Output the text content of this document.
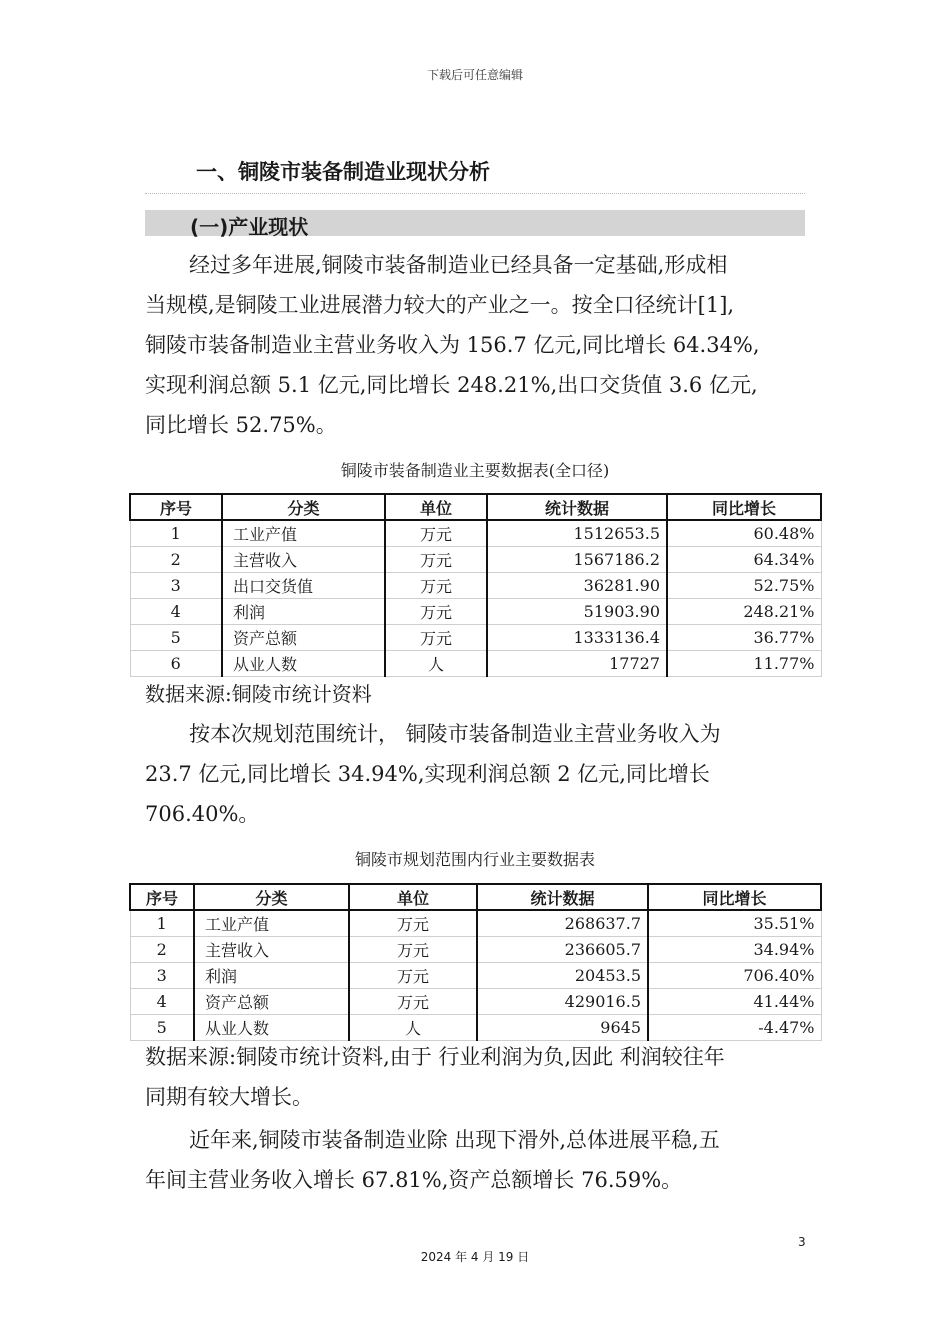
下载后可任意编辑
一、铜陵市装备制造业现状分析
(一)产业现状
经过多年进展,铜陵市装备制造业已经具备一定基础,形成相
当规模,是铜陵工业进展潜力较大的产业之一。按全口径统计[1],
铜陵市装备制造业主营业务收入为 156.7 亿元,同比增长 64.34%,
实现利润总额 5.1 亿元,同比增长 248.21%,出口交货值 3.6 亿元,
同比增长 52.75%。
铜陵市装备制造业主要数据表(全口径)
序号	分类	单位	统计数据	同比增长
1	工业产值	万元	1512653.5	60.48%
2	主营收入	万元	1567186.2	64.34%
3	出口交货值	万元	36281.90	52.75%
4	利润	万元	51903.90	248.21%
5	资产总额	万元	1333136.4	36.77%
6	从业人数	人	17727	11.77%
数据来源:铜陵市统计资料
按本次规划范围统计， 铜陵市装备制造业主营业务收入为
23.7 亿元,同比增长 34.94%,实现利润总额 2 亿元,同比增长
706.40%。
铜陵市规划范围内行业主要数据表
序号	分类	单位	统计数据	同比增长
1	工业产值	万元	268637.7	35.51%
2	主营收入	万元	236605.7	34.94%
3	利润	万元	20453.5	706.40%
4	资产总额	万元	429016.5	41.44%
5	从业人数	人	9645	-4.47%
数据来源:铜陵市统计资料,由于 行业利润为负,因此 利润较往年
同期有较大增长。
近年来,铜陵市装备制造业除 出现下滑外,总体进展平稳,五
年间主营业务收入增长 67.81%,资产总额增长 76.59%。
3
2024 年 4 月 19 日
